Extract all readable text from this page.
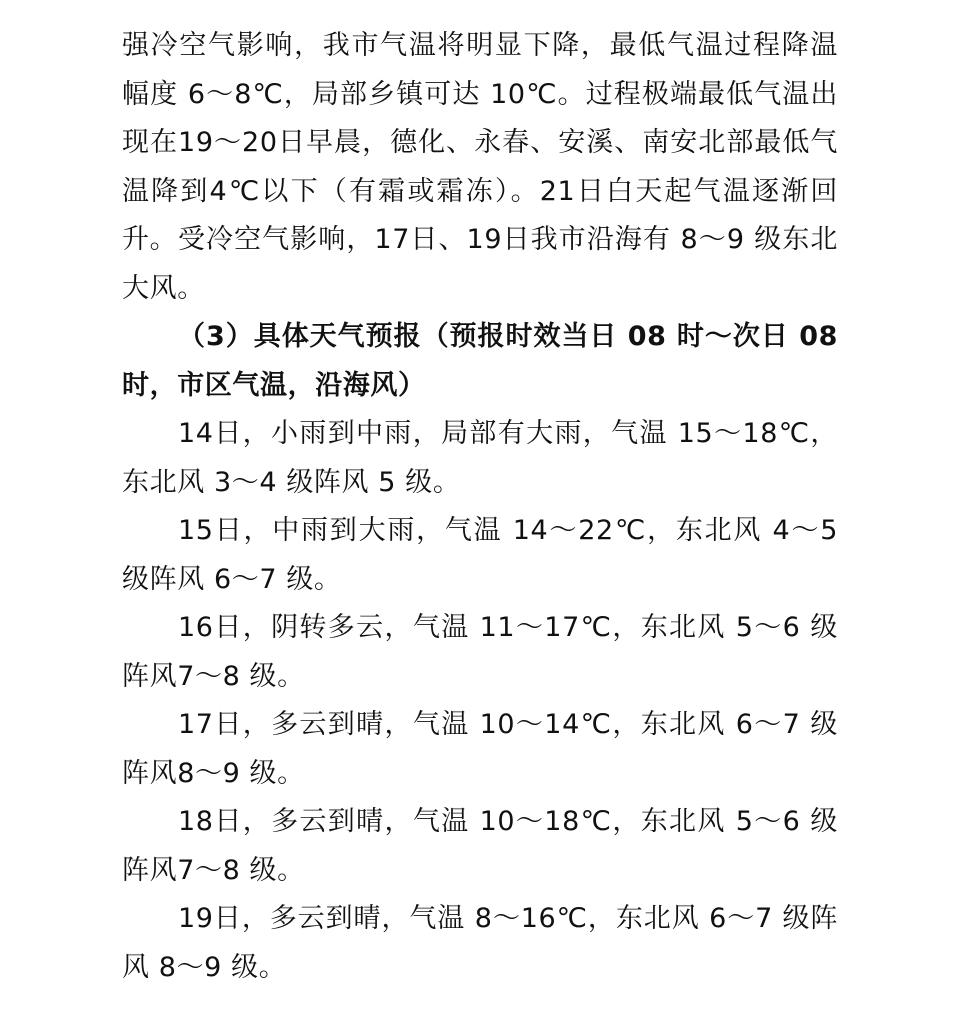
强冷空气影响，我市气温将明显下降，最低气温过程降温幅度 6～8℃，局部乡镇可达 10℃。过程极端最低气温出现在19～20日早晨，德化、永春、安溪、南安北部最低气温降到4℃以下（有霜或霜冻）。21日白天起气温逐渐回升。 受冷空气影响，17日、19日我市沿海有 8～9 级东北大风。

（3）具体天气预报（预报时效当日 08 时～次日 08 时，市区气温，沿海风）

14日，小雨到中雨，局部有大雨，气温 15～18℃，东北风 3～4 级阵风 5 级。

15日，中雨到大雨，气温 14～22℃，东北风 4～5 级阵风 6～7 级。

16日，阴转多云，气温 11～17℃，东北风 5～6 级阵风7～8 级。

17日，多云到晴，气温 10～14℃，东北风 6～7 级阵风8～9 级。

18日，多云到晴，气温 10～18℃，东北风 5～6 级阵风7～8 级。

19日，多云到晴，气温 8～16℃，东北风 6～7 级阵风 8～9 级。
